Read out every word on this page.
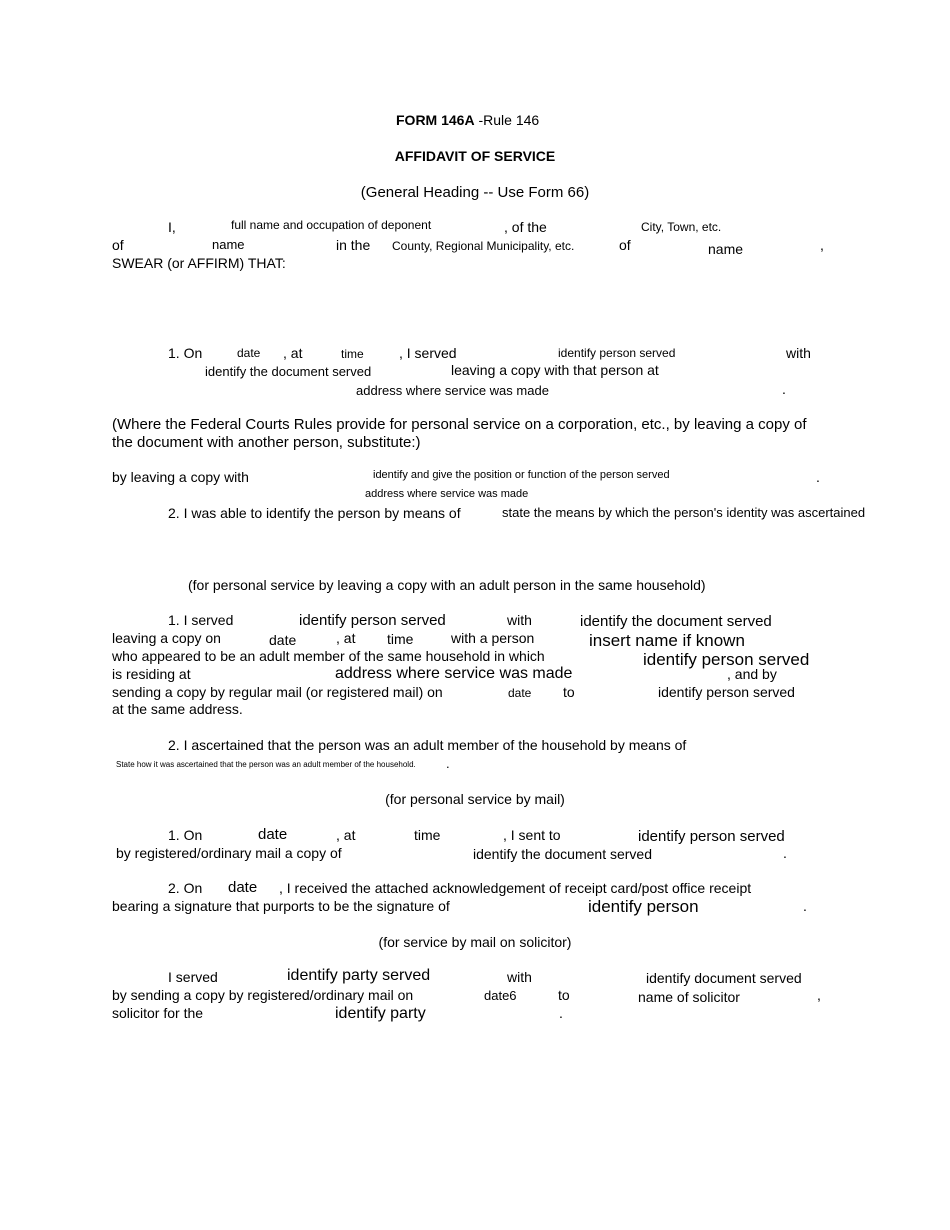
FORM 146A -Rule 146
AFFIDAVIT OF SERVICE
(General Heading -- Use Form 66)
I,	full name and occupation of deponent	, of the	City, Town, etc.
of	name	in the County, Regional Municipality, etc.	of	name	,
SWEAR (or AFFIRM) THAT:
1. On	date , at	time	, I served	identify person served	with
identify the document served	leaving a copy with that person at
address where service was made	.
(Where the Federal Courts Rules provide for personal service on a corporation, etc., by leaving a copy of
the document with another person, substitute:)
by leaving a copy with	identify and give the position or function of the person served	.
address where service was made
2. I was able to identify the person by means of	state the means by which the person's identity was ascertained
(for personal service by leaving a copy with an adult person in the same household)
1. I served	identify person served	with	identify the document served
leaving a copy on	date	, at time	with a person	insert name if known
who appeared to be an adult member of the same household in which	identify person served
is residing at	address where service was made	, and by
sending a copy by regular mail (or registered mail) on	date to	identify person served
at the same address.
2. I ascertained that the person was an adult member of the household by means of
State how it was ascertained that the person was an adult member of the household. .
(for personal service by mail)
1. On	date	, at	time	, I sent to	identify person served
by registered/ordinary mail a copy of	identify the document served	.
2. On date , I received the attached acknowledgement of receipt card/post office receipt
bearing a signature that purports to be the signature of	identify person	.
(for service by mail on solicitor)
I served	identify party served	with	identify document served
by sending a copy by registered/ordinary mail on	date6	to	name of solicitor	,
solicitor for the	identify party	.
